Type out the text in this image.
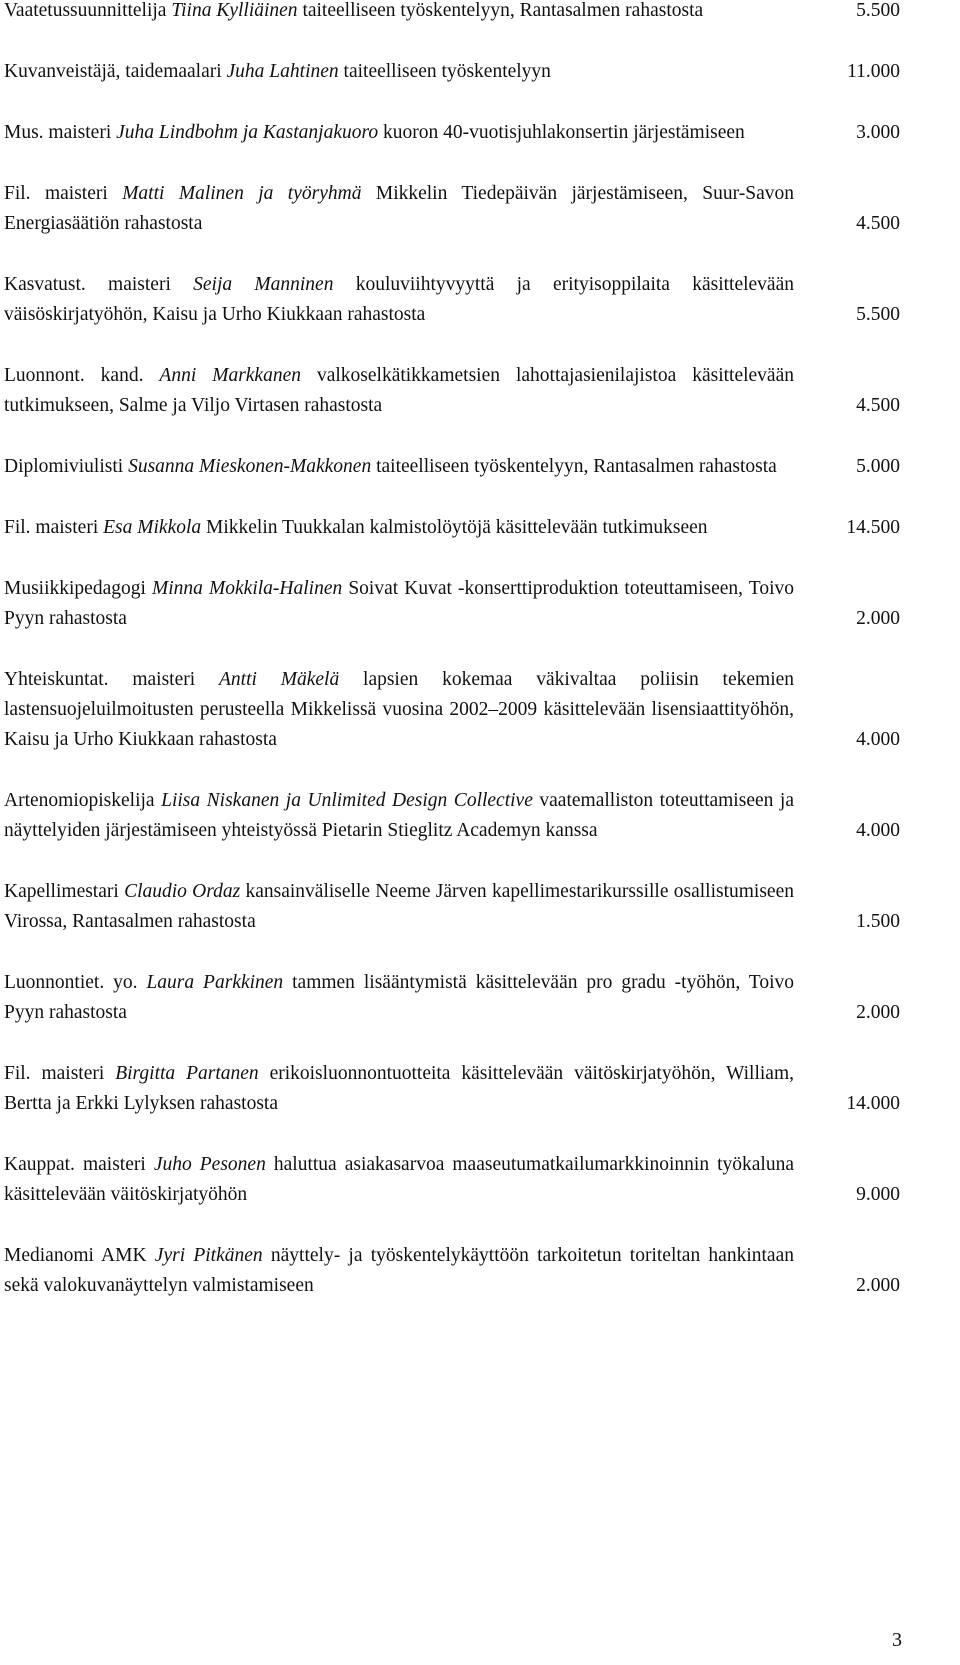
Vaatetussuunnittelija Tiina Kylliäinen taiteelliseen työskentelyyn, Rantasalmen rahastosta	5.500
Kuvanveistäjä, taidemaalari Juha Lahtinen taiteelliseen työskentelyyn	11.000
Mus. maisteri Juha Lindbohm ja Kastanjakuoro kuoron 40-vuotisjuhlakonsertin järjestämiseen	3.000
Fil. maisteri Matti Malinen ja työryhmä Mikkelin Tiedepäivän järjestämiseen, Suur-Savon Energiasäätiön rahastosta	4.500
Kasvatust. maisteri Seija Manninen kouluviihtyvyyttä ja erityisoppilaita käsittelevään väisöskirjatyöhön, Kaisu ja Urho Kiukkaan rahastosta	5.500
Luonnont. kand. Anni Markkanen valkoselkätikkametsien lahottajasienilajistoa käsittelevään tutkimukseen, Salme ja Viljo Virtasen rahastosta	4.500
Diplomiviulisti Susanna Mieskonen-Makkonen taiteelliseen työskentelyyn, Rantasalmen rahastosta	5.000
Fil. maisteri Esa Mikkola Mikkelin Tuukkalan kalmistolöytöjä käsittelevään tutkimukseen	14.500
Musiikkipedagogi Minna Mokkila-Halinen Soivat Kuvat -konserttiproduktion toteuttamiseen, Toivo Pyyn rahastosta	2.000
Yhteiskuntat. maisteri Antti Mäkelä lapsien kokemaa väkivaltaa poliisin tekemien lastensuojeluilmoitusten perusteella Mikkelissä vuosina 2002–2009 käsittelevään lisensiaattityöhön, Kaisu ja Urho Kiukkaan rahastosta	4.000
Artenomiopiskelija Liisa Niskanen ja Unlimited Design Collective vaatemalliston toteuttamiseen ja näyttelyiden järjestämiseen yhteistyössä Pietarin Stieglitz Academyn kanssa	4.000
Kapellimestari Claudio Ordaz kansainväliselle Neeme Järven kapellimestarikurssille osallistumiseen Virossa, Rantasalmen rahastosta	1.500
Luonnontiet. yo. Laura Parkkinen tammen lisääntymistä käsittelevään pro gradu -työhön, Toivo Pyyn rahastosta	2.000
Fil. maisteri Birgitta Partanen erikoisluonnontuotteita käsittelevään väitöskirjatyöhön, William, Bertta ja Erkki Lylyksen rahastosta	14.000
Kauppat. maisteri Juho Pesonen haluttua asiakasarvoa maaseutumatkailumarkkinoinnin työkaluna käsittelevään väitöskirjatyöhön	9.000
Medianomi AMK Jyri Pitkänen näyttely- ja työskentelykäyttöön tarkoitetun toriteltan hankintaan sekä valokuvanäyttelyn valmistamiseen	2.000
3
